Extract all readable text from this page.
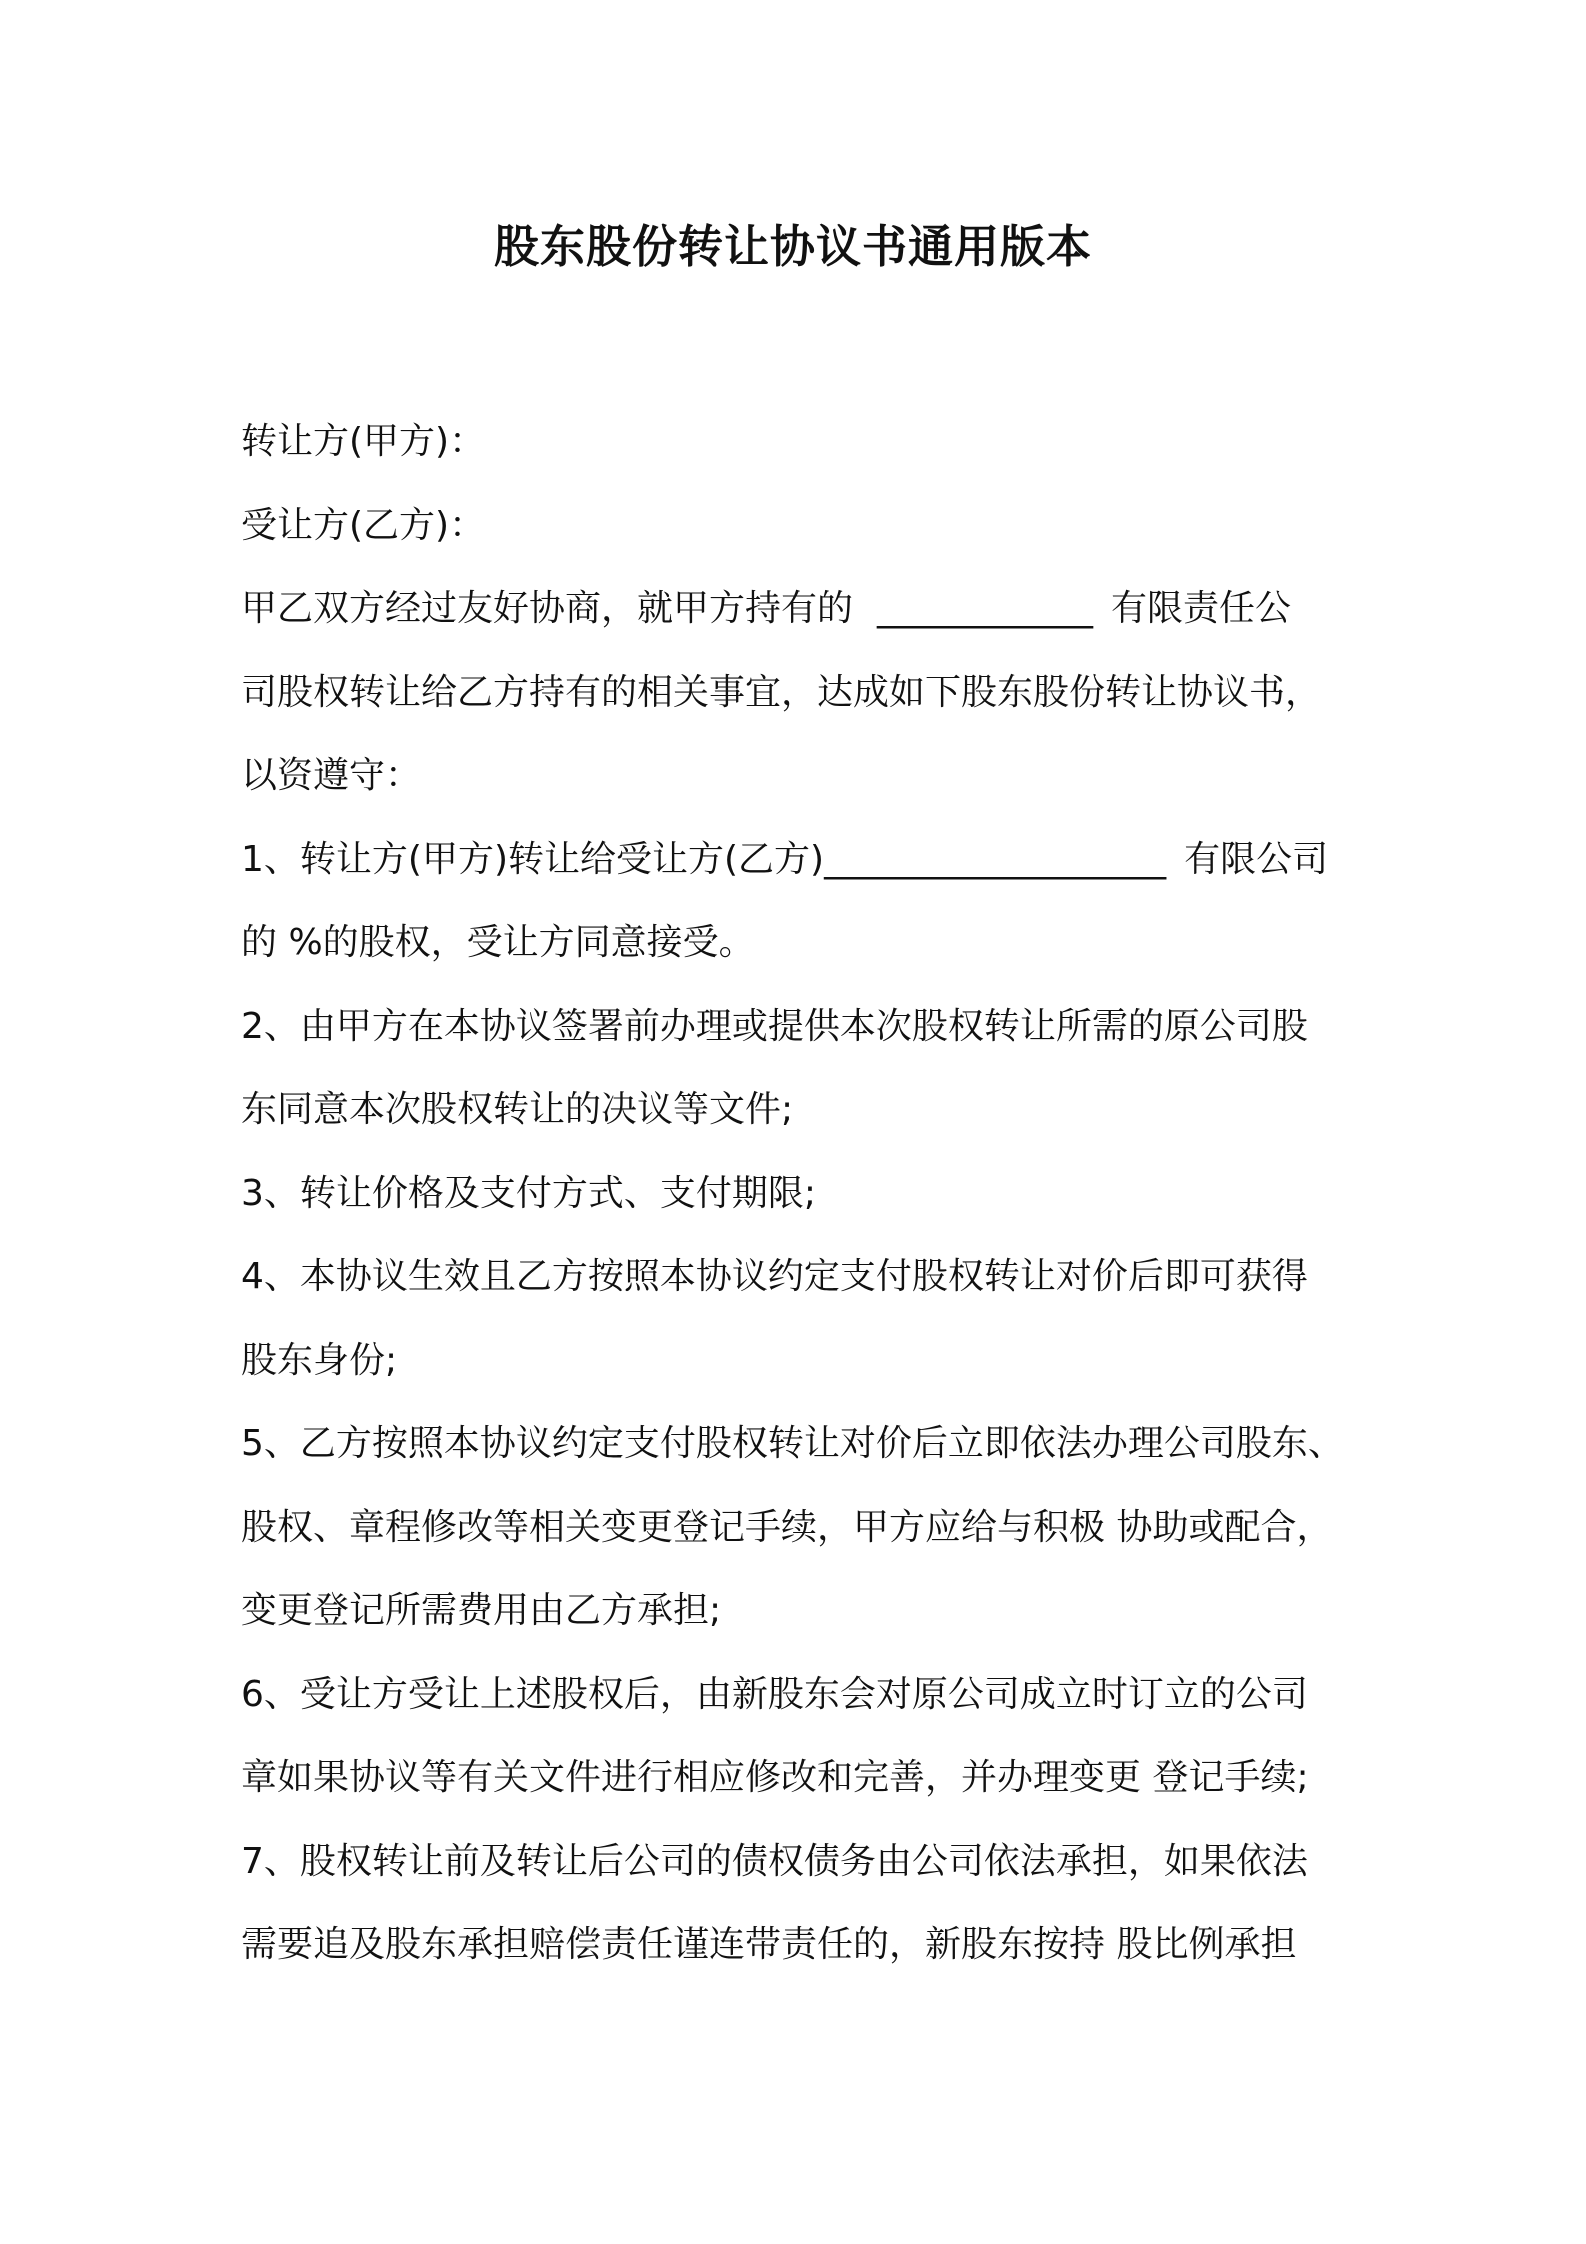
股东股份转让协议书通用版本
转让方(甲方)：
受让方(乙方)：
甲乙双方经过友好协商，就甲方持有的 ____________ 有限责任公
司股权转让给乙方持有的相关事宜，达成如下股东股份转让协议书，
以资遵守：
1、转让方(甲方)转让给受让方(乙方)___________________ 有限公司
的 %的股权，受让方同意接受。
2、由甲方在本协议签署前办理或提供本次股权转让所需的原公司股
东同意本次股权转让的决议等文件;
3、转让价格及支付方式、支付期限;
4、本协议生效且乙方按照本协议约定支付股权转让对价后即可获得
股东身份;
5、乙方按照本协议约定支付股权转让对价后立即依法办理公司股东、
股权、章程修改等相关变更登记手续，甲方应给与积极 协助或配合，
变更登记所需费用由乙方承担;
6、受让方受让上述股权后，由新股东会对原公司成立时订立的公司
章如果协议等有关文件进行相应修改和完善，并办理变更 登记手续;
7、股权转让前及转让后公司的债权债务由公司依法承担，如果依法
需要追及股东承担赔偿责任谨连带责任的，新股东按持 股比例承担
